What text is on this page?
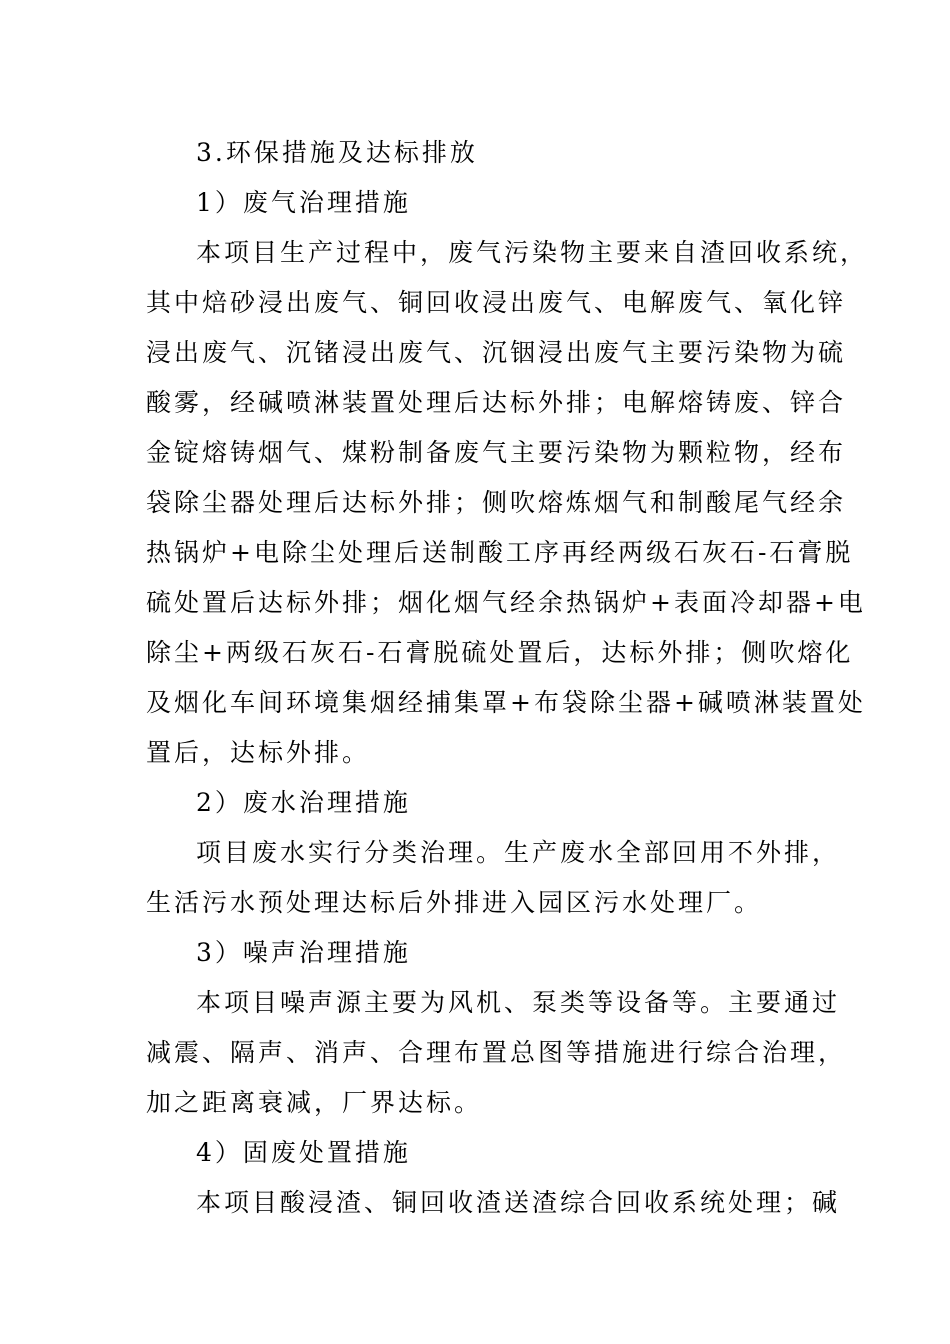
3.环保措施及达标排放
1）废气治理措施
本项目生产过程中，废气污染物主要来自渣回收系统，
其中焙砂浸出废气、铜回收浸出废气、电解废气、氧化锌
浸出废气、沉锗浸出废气、沉铟浸出废气主要污染物为硫
酸雾，经碱喷淋装置处理后达标外排；电解熔铸废、锌合
金锭熔铸烟气、煤粉制备废气主要污染物为颗粒物，经布
袋除尘器处理后达标外排；侧吹熔炼烟气和制酸尾气经余
热锅炉+电除尘处理后送制酸工序再经两级石灰石-石膏脱
硫处置后达标外排；烟化烟气经余热锅炉+表面冷却器+电
除尘+两级石灰石-石膏脱硫处置后，达标外排；侧吹熔化
及烟化车间环境集烟经捕集罩+布袋除尘器+碱喷淋装置处
置后，达标外排。
2）废水治理措施
项目废水实行分类治理。生产废水全部回用不外排，
生活污水预处理达标后外排进入园区污水处理厂。
3）噪声治理措施
本项目噪声源主要为风机、泵类等设备等。主要通过
减震、隔声、消声、合理布置总图等措施进行综合治理，
加之距离衰减，厂界达标。
4）固废处置措施
本项目酸浸渣、铜回收渣送渣综合回收系统处理；碱
